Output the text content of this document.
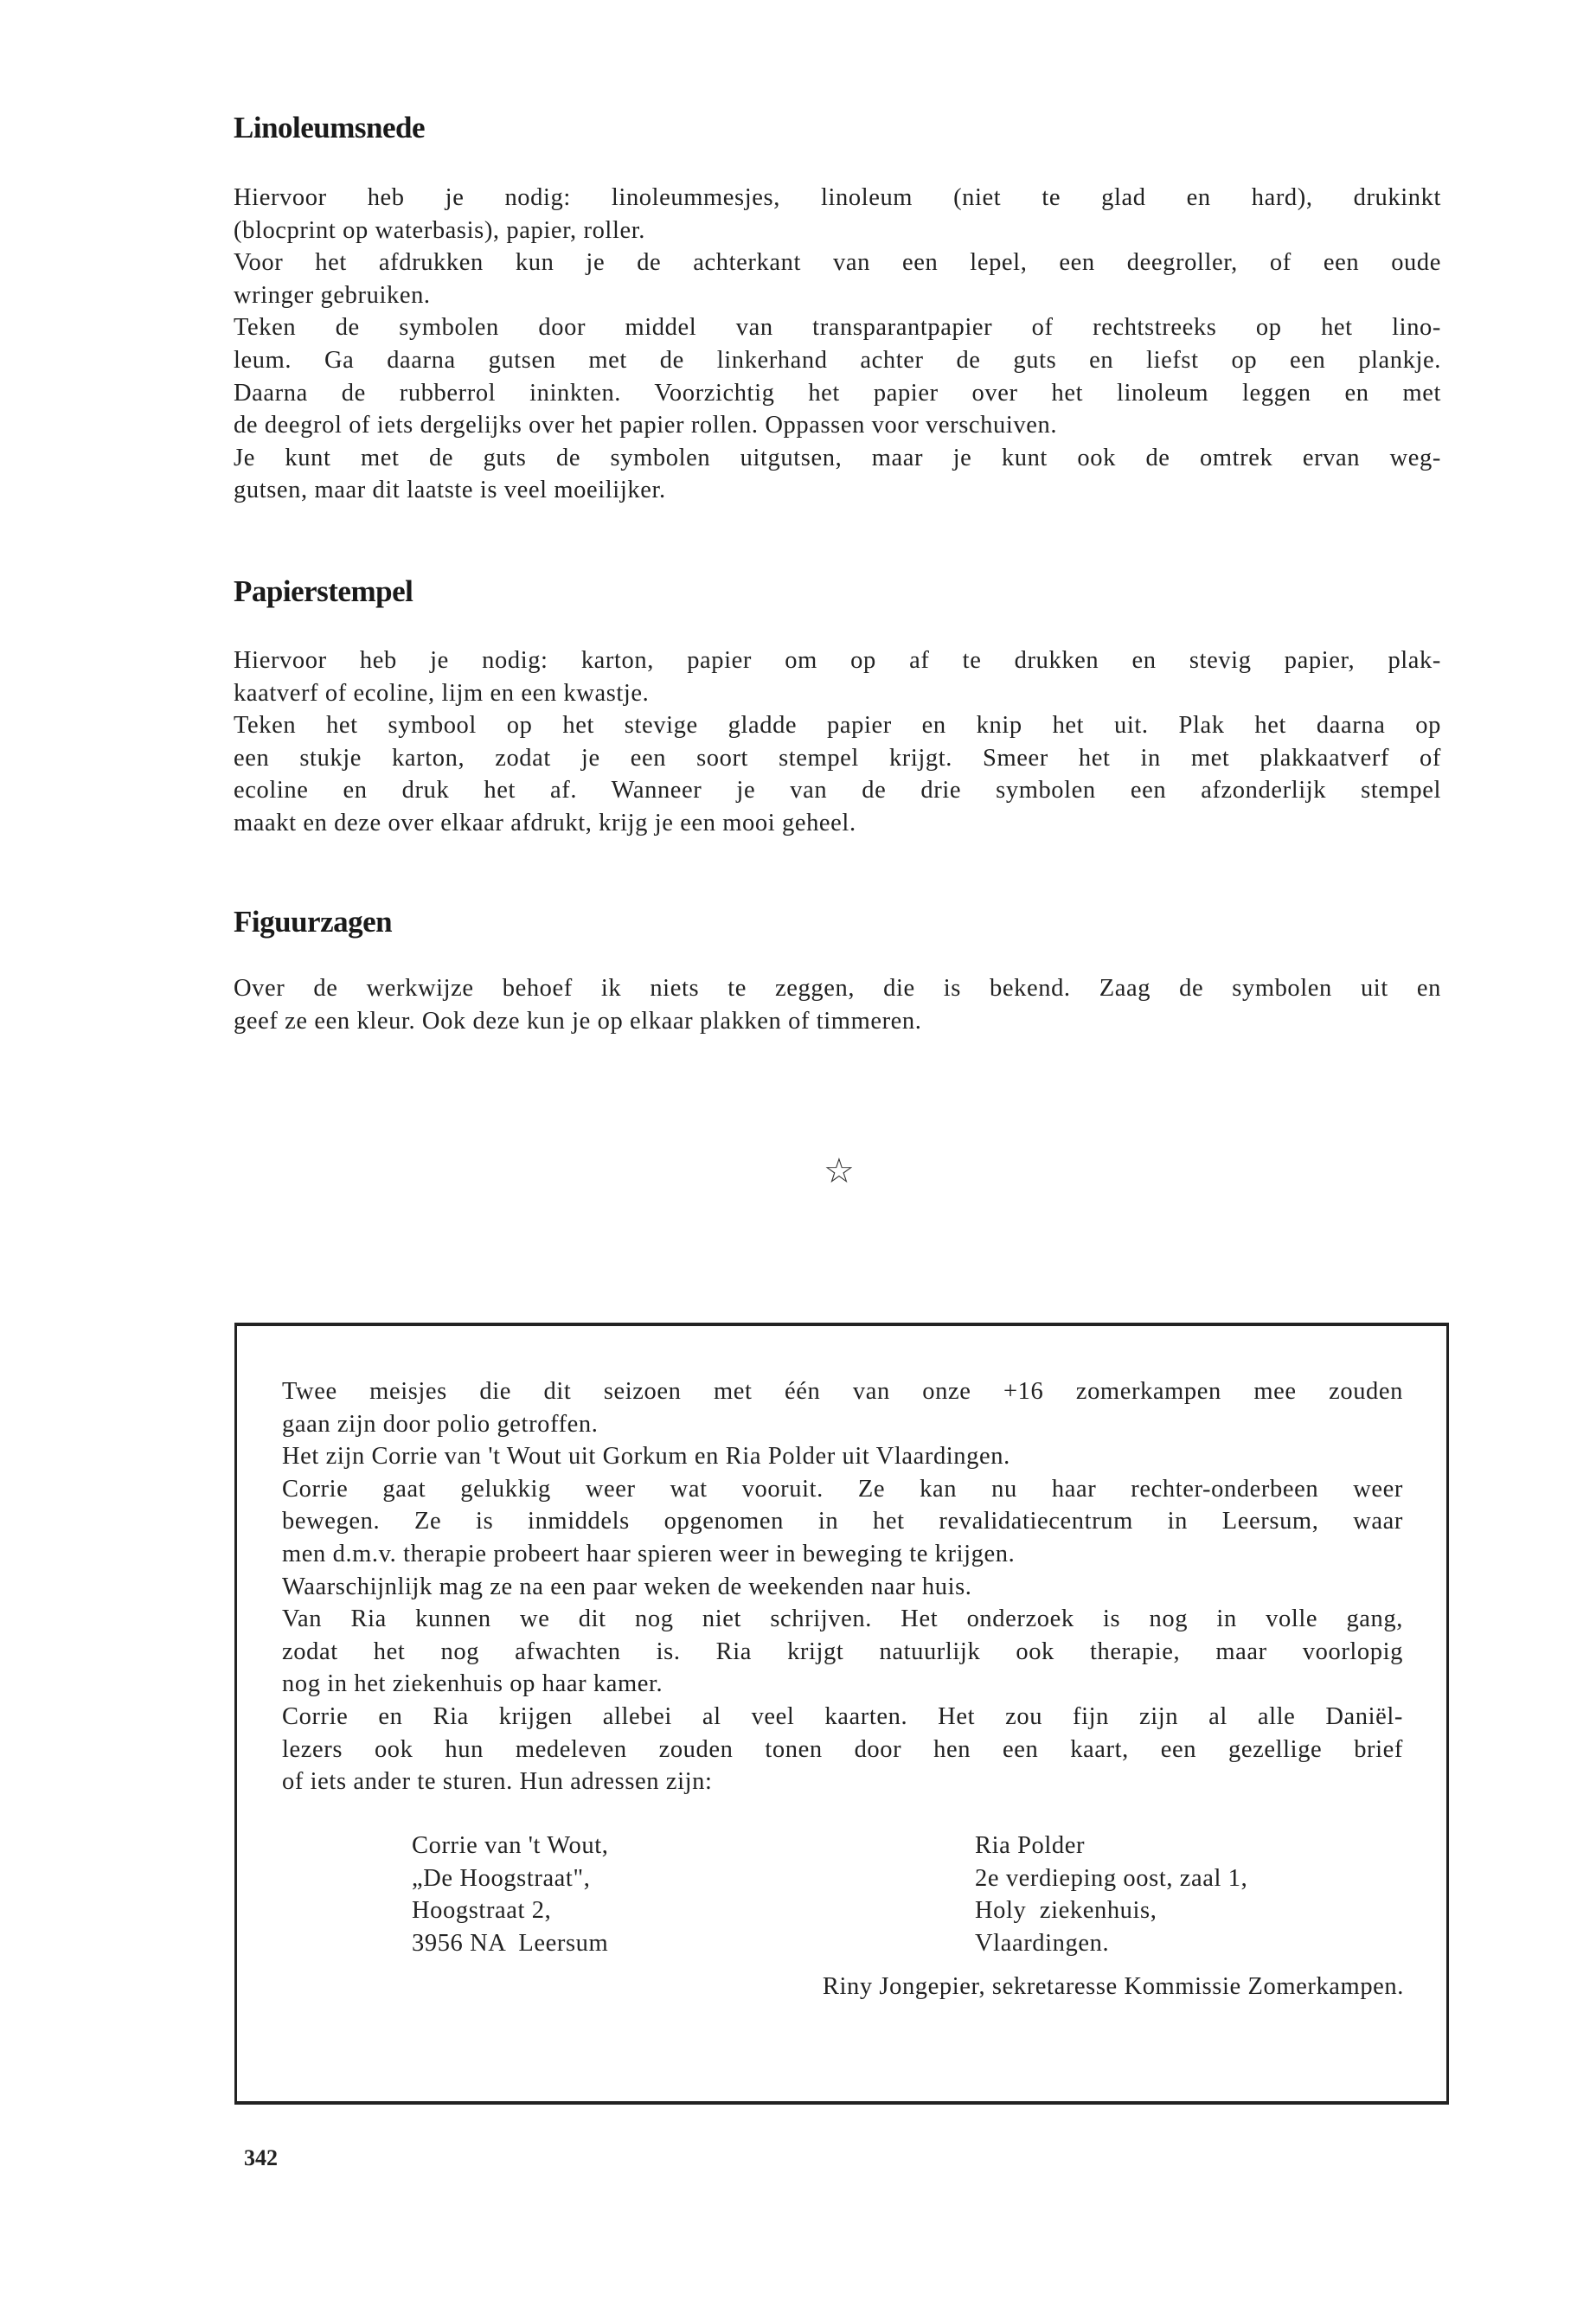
Linoleumsnede
Hiervoor heb je nodig: linoleummesjes, linoleum (niet te glad en hard), drukinkt
(blocprint op waterbasis), papier, roller.
Voor het afdrukken kun je de achterkant van een lepel, een deegroller, of een oude
wringer gebruiken.
Teken de symbolen door middel van transparantpapier of rechtstreeks op het lino-
leum. Ga daarna gutsen met de linkerhand achter de guts en liefst op een plankje.
Daarna de rubberrol ininkten. Voorzichtig het papier over het linoleum leggen en met
de deegrol of iets dergelijks over het papier rollen. Oppassen voor verschuiven.
Je kunt met de guts de symbolen uitgutsen, maar je kunt ook de omtrek ervan weg-
gutsen, maar dit laatste is veel moeilijker.
Papierstempel
Hiervoor heb je nodig: karton, papier om op af te drukken en stevig papier, plak-
kaatverf of ecoline, lijm en een kwastje.
Teken het symbool op het stevige gladde papier en knip het uit. Plak het daarna op
een stukje karton, zodat je een soort stempel krijgt. Smeer het in met plakkaatverf of
ecoline en druk het af. Wanneer je van de drie symbolen een afzonderlijk stempel
maakt en deze over elkaar afdrukt, krijg je een mooi geheel.
Figuurzagen
Over de werkwijze behoef ik niets te zeggen, die is bekend. Zaag de symbolen uit en
geef ze een kleur. Ook deze kun je op elkaar plakken of timmeren.
☆
Twee meisjes die dit seizoen met één van onze +16 zomerkampen mee zouden
gaan zijn door polio getroffen.
Het zijn Corrie van 't Wout uit Gorkum en Ria Polder uit Vlaardingen.
Corrie gaat gelukkig weer wat vooruit. Ze kan nu haar rechter-onderbeen weer
bewegen. Ze is inmiddels opgenomen in het revalidatiecentrum in Leersum, waar
men d.m.v. therapie probeert haar spieren weer in beweging te krijgen.
Waarschijnlijk mag ze na een paar weken de weekenden naar huis.
Van Ria kunnen we dit nog niet schrijven. Het onderzoek is nog in volle gang,
zodat het nog afwachten is. Ria krijgt natuurlijk ook therapie, maar voorlopig
nog in het ziekenhuis op haar kamer.
Corrie en Ria krijgen allebei al veel kaarten. Het zou fijn zijn al alle Daniël-
lezers ook hun medeleven zouden tonen door hen een kaart, een gezellige brief
of iets ander te sturen. Hun adressen zijn:
Corrie van 't Wout,
„De Hoogstraat",
Hoogstraat 2,
3956 NA  Leersum
Ria Polder
2e verdieping oost, zaal 1,
Holy  ziekenhuis,
Vlaardingen.
Riny Jongepier, sekretaresse Kommissie Zomerkampen.
342
